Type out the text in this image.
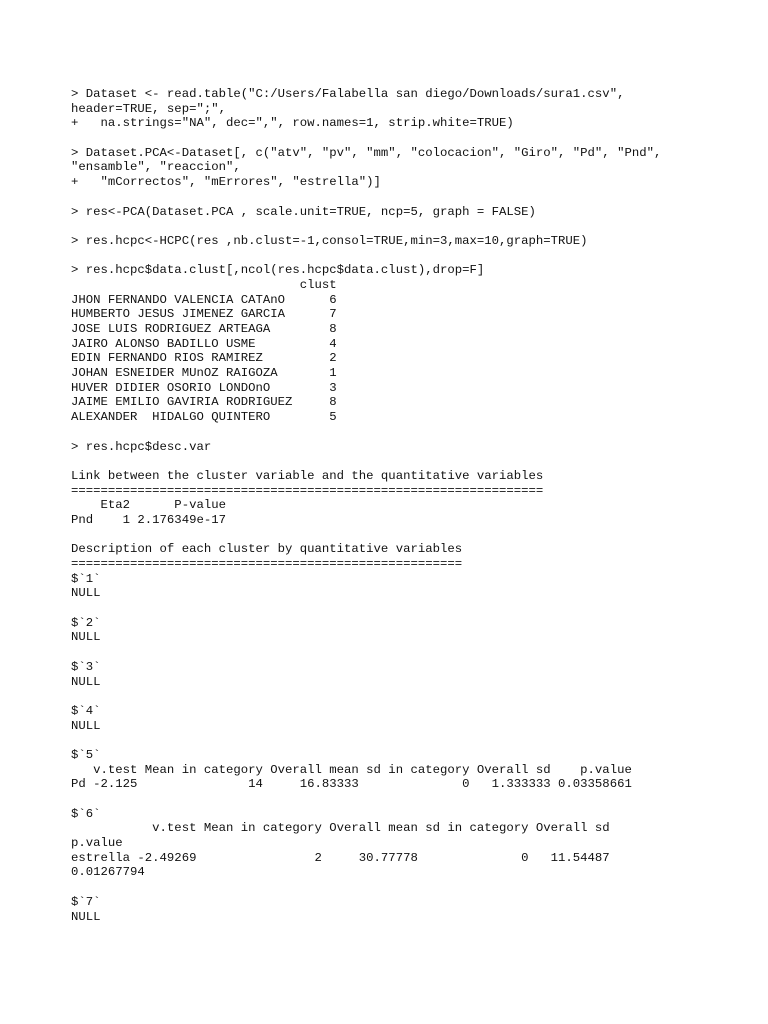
> Dataset <- read.table("C:/Users/Falabella san diego/Downloads/sura1.csv",
header=TRUE, sep=";",
+   na.strings="NA", dec=",", row.names=1, strip.white=TRUE)
> Dataset.PCA<-Dataset[, c("atv", "pv", "mm", "colocacion", "Giro", "Pd", "Pnd",
"ensamble", "reaccion",
+   "mCorrectos", "mErrores", "estrella")]
> res<-PCA(Dataset.PCA , scale.unit=TRUE, ncp=5, graph = FALSE)
> res.hcpc<-HCPC(res ,nb.clust=-1,consol=TRUE,min=3,max=10,graph=TRUE)
> res.hcpc$data.clust[,ncol(res.hcpc$data.clust),drop=F]
clust
JHON FERNANDO VALENCIA CATAnO      6
HUMBERTO JESUS JIMENEZ GARCIA      7
JOSE LUIS RODRIGUEZ ARTEAGA        8
JAIRO ALONSO BADILLO USME          4
EDIN FERNANDO RIOS RAMIREZ         2
JOHAN ESNEIDER MUnOZ RAIGOZA       1
HUVER DIDIER OSORIO LONDOnO        3
JAIME EMILIO GAVIRIA RODRIGUEZ     8
ALEXANDER  HIDALGO QUINTERO        5
> res.hcpc$desc.var
Link between the cluster variable and the quantitative variables
================================================================
Eta2      P-value
Pnd    1 2.176349e-17
Description of each cluster by quantitative variables
=====================================================
$`1`
NULL
$`2`
NULL
$`3`
NULL
$`4`
NULL
$`5`
v.test Mean in category Overall mean sd in category Overall sd    p.value
Pd -2.125               14     16.83333              0   1.333333 0.03358661
$`6`
v.test Mean in category Overall mean sd in category Overall sd
p.value
estrella -2.49269                2     30.77778              0   11.54487
0.01267794
$`7`
NULL
